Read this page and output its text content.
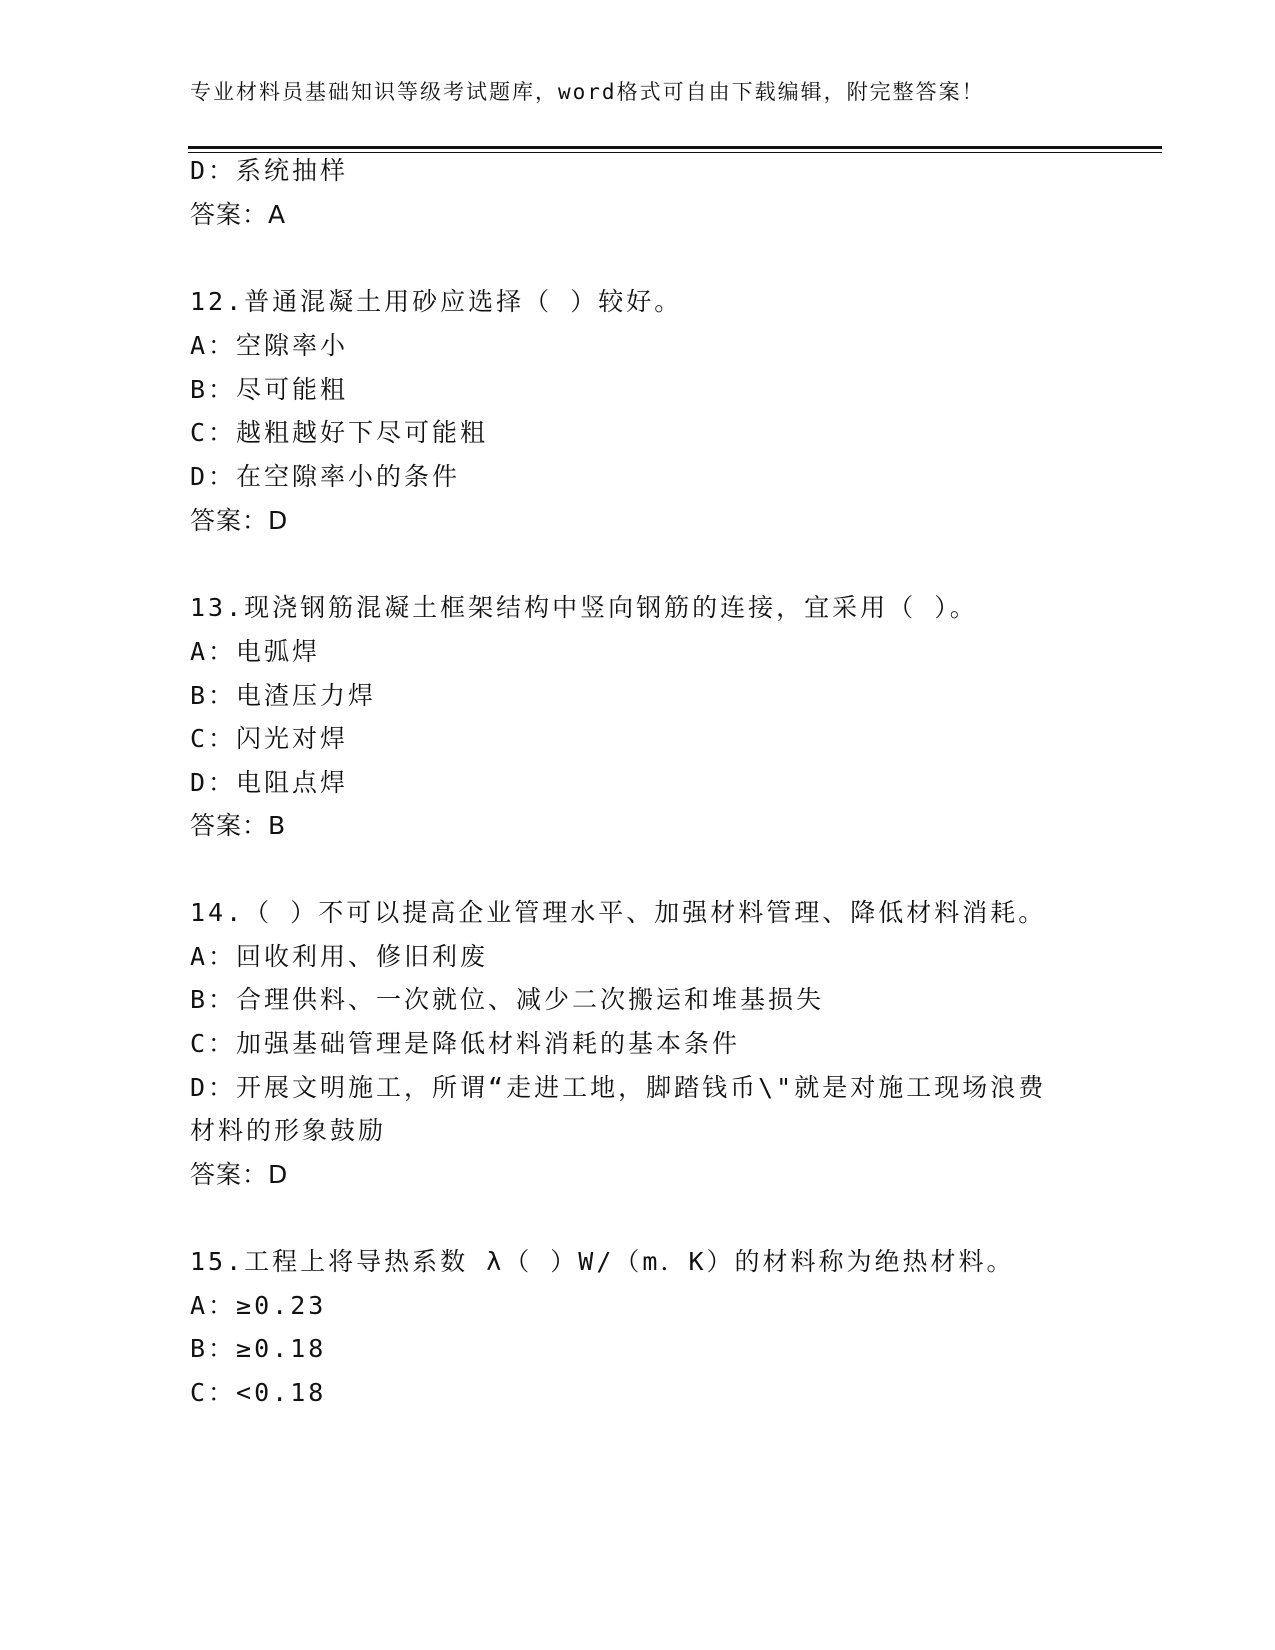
专业材料员基础知识等级考试题库，word格式可自由下载编辑，附完整答案！
D：系统抽样
答案：A
12.普通混凝土用砂应选择（ ）较好。
A：空隙率小
B：尽可能粗
C：越粗越好下尽可能粗
D：在空隙率小的条件
答案：D
13.现浇钢筋混凝土框架结构中竖向钢筋的连接，宜采用（ ）。
A：电弧焊
B：电渣压力焊
C：闪光对焊
D：电阻点焊
答案：B
14.（ ）不可以提高企业管理水平、加强材料管理、降低材料消耗。
A：回收利用、修旧利废
B：合理供料、一次就位、减少二次搬运和堆基损失
C：加强基础管理是降低材料消耗的基本条件
D：开展文明施工，所谓“走进工地，脚踏钱币\"就是对施工现场浪费
材料的形象鼓励
答案：D
15.工程上将导热系数 λ（ ）W/（m．K）的材料称为绝热材料。
A：≥0.23
B：≥0.18
C：<0.18
